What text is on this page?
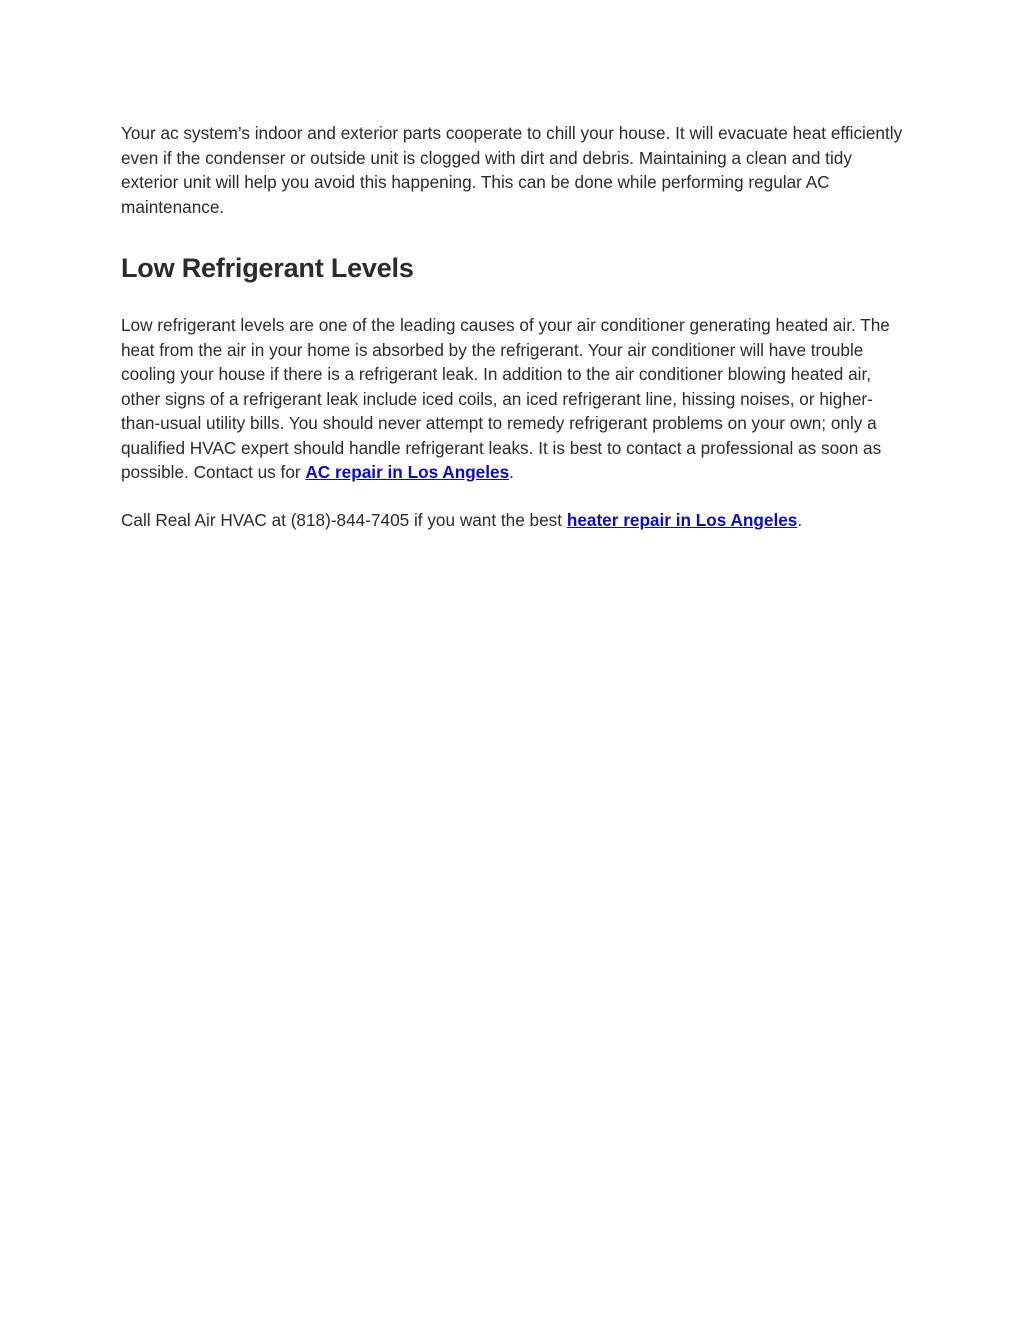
Your ac system’s indoor and exterior parts cooperate to chill your house. It will evacuate heat efficiently even if the condenser or outside unit is clogged with dirt and debris. Maintaining a clean and tidy exterior unit will help you avoid this happening. This can be done while performing regular AC maintenance.

Low Refrigerant Levels

Low refrigerant levels are one of the leading causes of your air conditioner generating heated air. The heat from the air in your home is absorbed by the refrigerant. Your air conditioner will have trouble cooling your house if there is a refrigerant leak. In addition to the air conditioner blowing heated air, other signs of a refrigerant leak include iced coils, an iced refrigerant line, hissing noises, or higher-than-usual utility bills. You should never attempt to remedy refrigerant problems on your own; only a qualified HVAC expert should handle refrigerant leaks. It is best to contact a professional as soon as possible. Contact us for AC repair in Los Angeles.

Call Real Air HVAC at (818)-844-7405 if you want the best heater repair in Los Angeles.
